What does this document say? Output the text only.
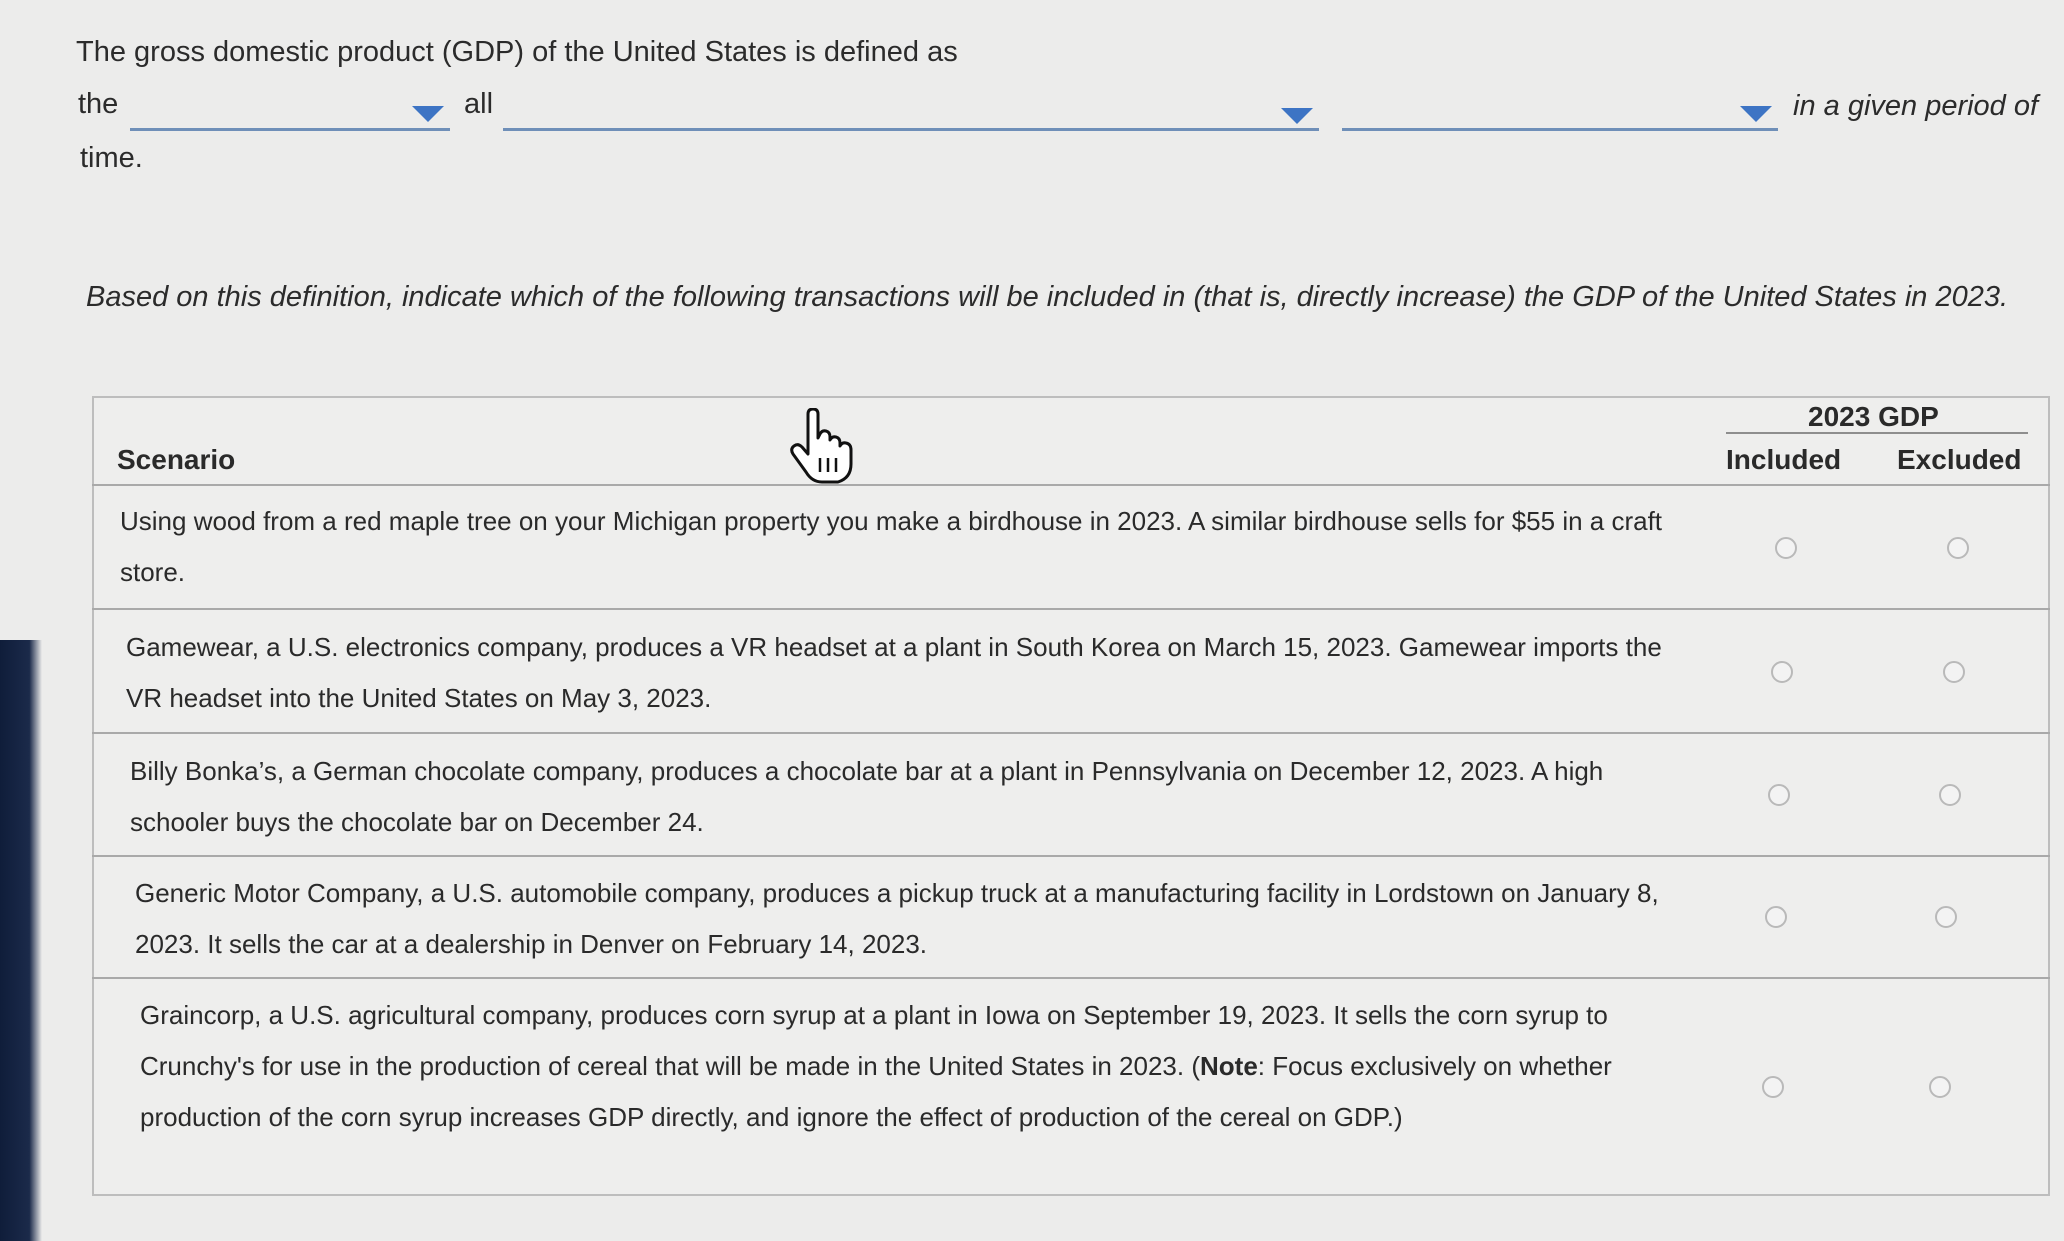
The gross domestic product (GDP) of the United States is defined as
the	all	in a given period of
time.
Based on this definition, indicate which of the following transactions will be included in (that is, directly increase) the GDP of the United States in 2023.
Scenario
2023 GDP
Included Excluded
Using wood from a red maple tree on your Michigan property you make a birdhouse in 2023. A similar birdhouse sells for $55 in a craft store.
Gamewear, a U.S. electronics company, produces a VR headset at a plant in South Korea on March 15, 2023. Gamewear imports the VR headset into the United States on May 3, 2023.
Billy Bonka’s, a German chocolate company, produces a chocolate bar at a plant in Pennsylvania on December 12, 2023. A high schooler buys the chocolate bar on December 24.
Generic Motor Company, a U.S. automobile company, produces a pickup truck at a manufacturing facility in Lordstown on January 8, 2023. It sells the car at a dealership in Denver on February 14, 2023.
Graincorp, a U.S. agricultural company, produces corn syrup at a plant in Iowa on September 19, 2023. It sells the corn syrup to Crunchy's for use in the production of cereal that will be made in the United States in 2023. (Note: Focus exclusively on whether production of the corn syrup increases GDP directly, and ignore the effect of production of the cereal on GDP.)
